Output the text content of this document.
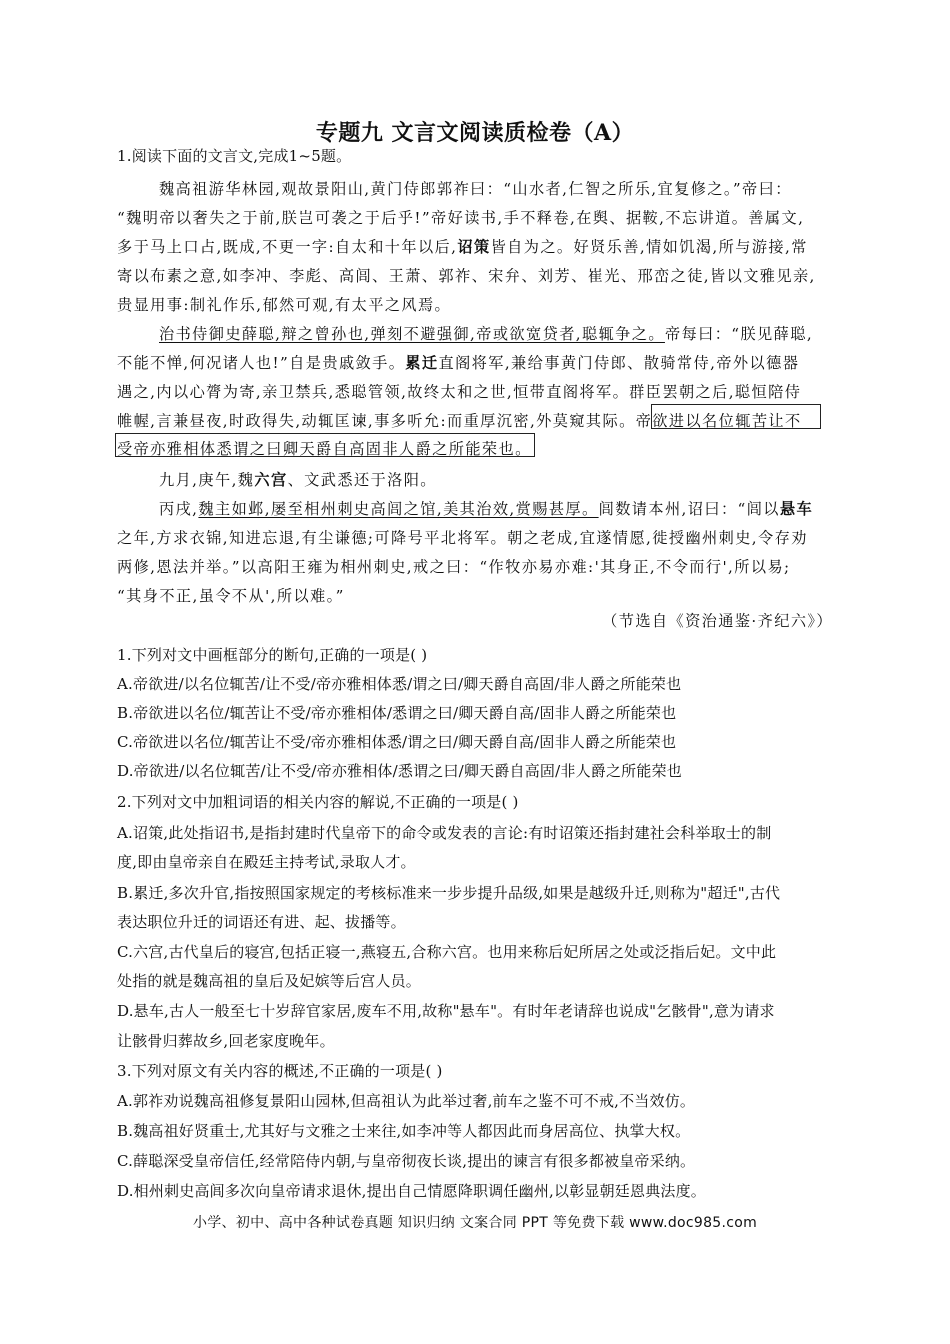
专题九 文言文阅读质检卷（A）
1.阅读下面的文言文,完成1~5题。
魏高祖游华林园,观故景阳山,黄门侍郎郭祚曰：“山水者,仁智之所乐,宜复修之。”帝曰：
“魏明帝以奢失之于前,朕岂可袭之于后乎!”帝好读书,手不释卷,在舆、据鞍,不忘讲道。善属文,
多于马上口占,既成,不更一字:自太和十年以后,诏策皆自为之。好贤乐善,情如饥渴,所与游接,常
寄以布素之意,如李冲、李彪、高闾、王萧、郭祚、宋弁、刘芳、崔光、邢峦之徒,皆以文雅见亲,
贵显用事:制礼作乐,郁然可观,有太平之风焉。
治书侍御史薛聪,辩之曾孙也,弹刻不避强御,帝或欲宽贷者,聪辄争之。帝每曰：“朕见薛聪,
不能不惮,何况诸人也!”自是贵戚敛手。累迁直阁将军,兼给事黄门侍郎、散骑常侍,帝外以德器
遇之,内以心膂为寄,亲卫禁兵,悉聪管领,故终太和之世,恒带直阁将军。群臣罢朝之后,聪恒陪侍
帷幄,言兼昼夜,时政得失,动辄匡谏,事多听允:而重厚沉密,外莫窥其际。帝欲进以名位辄苦让不
受帝亦雅相体悉谓之曰卿天爵自高固非人爵之所能荣也。
九月,庚午,魏六宫、文武悉还于洛阳。
丙戌,魏主如邺,屡至相州刺史高闾之馆,美其治效,赏赐甚厚。闾数请本州,诏曰：“闾以悬车
之年,方求衣锦,知进忘退,有尘谦德;可降号平北将军。朝之老成,宜遂情愿,徙授幽州刺史,令存劝
两修,恩法并举。”以高阳王雍为相州刺史,戒之曰：“作牧亦易亦难:'其身正,不令而行',所以易;
“其身不正,虽令不从',所以难。”
（节选自《资治通鉴·齐纪六》）
1.下列对文中画框部分的断句,正确的一项是( )
A.帝欲进/以名位辄苦/让不受/帝亦雅相体悉/谓之曰/卿天爵自高固/非人爵之所能荣也
B.帝欲进以名位/辄苦让不受/帝亦雅相体/悉谓之曰/卿天爵自高/固非人爵之所能荣也
C.帝欲进以名位/辄苦让不受/帝亦雅相体悉/谓之曰/卿天爵自高/固非人爵之所能荣也
D.帝欲进/以名位辄苦/让不受/帝亦雅相体/悉谓之曰/卿天爵自高固/非人爵之所能荣也
2.下列对文中加粗词语的相关内容的解说,不正确的一项是( )
A.诏策,此处指诏书,是指封建时代皇帝下的命令或发表的言论:有时诏策还指封建社会科举取士的制
度,即由皇帝亲自在殿廷主持考试,录取人才。
B.累迁,多次升官,指按照国家规定的考核标准来一步步提升品级,如果是越级升迁,则称为"超迁",古代
表达职位升迁的词语还有进、起、拔播等。
C.六宫,古代皇后的寝宫,包括正寝一,燕寝五,合称六宫。也用来称后妃所居之处或泛指后妃。文中此
处指的就是魏高祖的皇后及妃嫔等后宫人员。
D.悬车,古人一般至七十岁辞官家居,废车不用,故称"悬车"。有时年老请辞也说成"乞骸骨",意为请求
让骸骨归葬故乡,回老家度晚年。
3.下列对原文有关内容的概述,不正确的一项是( )
A.郭祚劝说魏高祖修复景阳山园林,但高祖认为此举过奢,前车之鉴不可不戒,不当效仿。
B.魏高祖好贤重士,尤其好与文雅之士来往,如李冲等人都因此而身居高位、执掌大权。
C.薛聪深受皇帝信任,经常陪侍内朝,与皇帝彻夜长谈,提出的谏言有很多都被皇帝采纳。
D.相州刺史高闾多次向皇帝请求退休,提出自己情愿降职调任幽州,以彰显朝廷恩典法度。
小学、初中、高中各种试卷真题 知识归纳 文案合同 PPT 等免费下载 www.doc985.com
